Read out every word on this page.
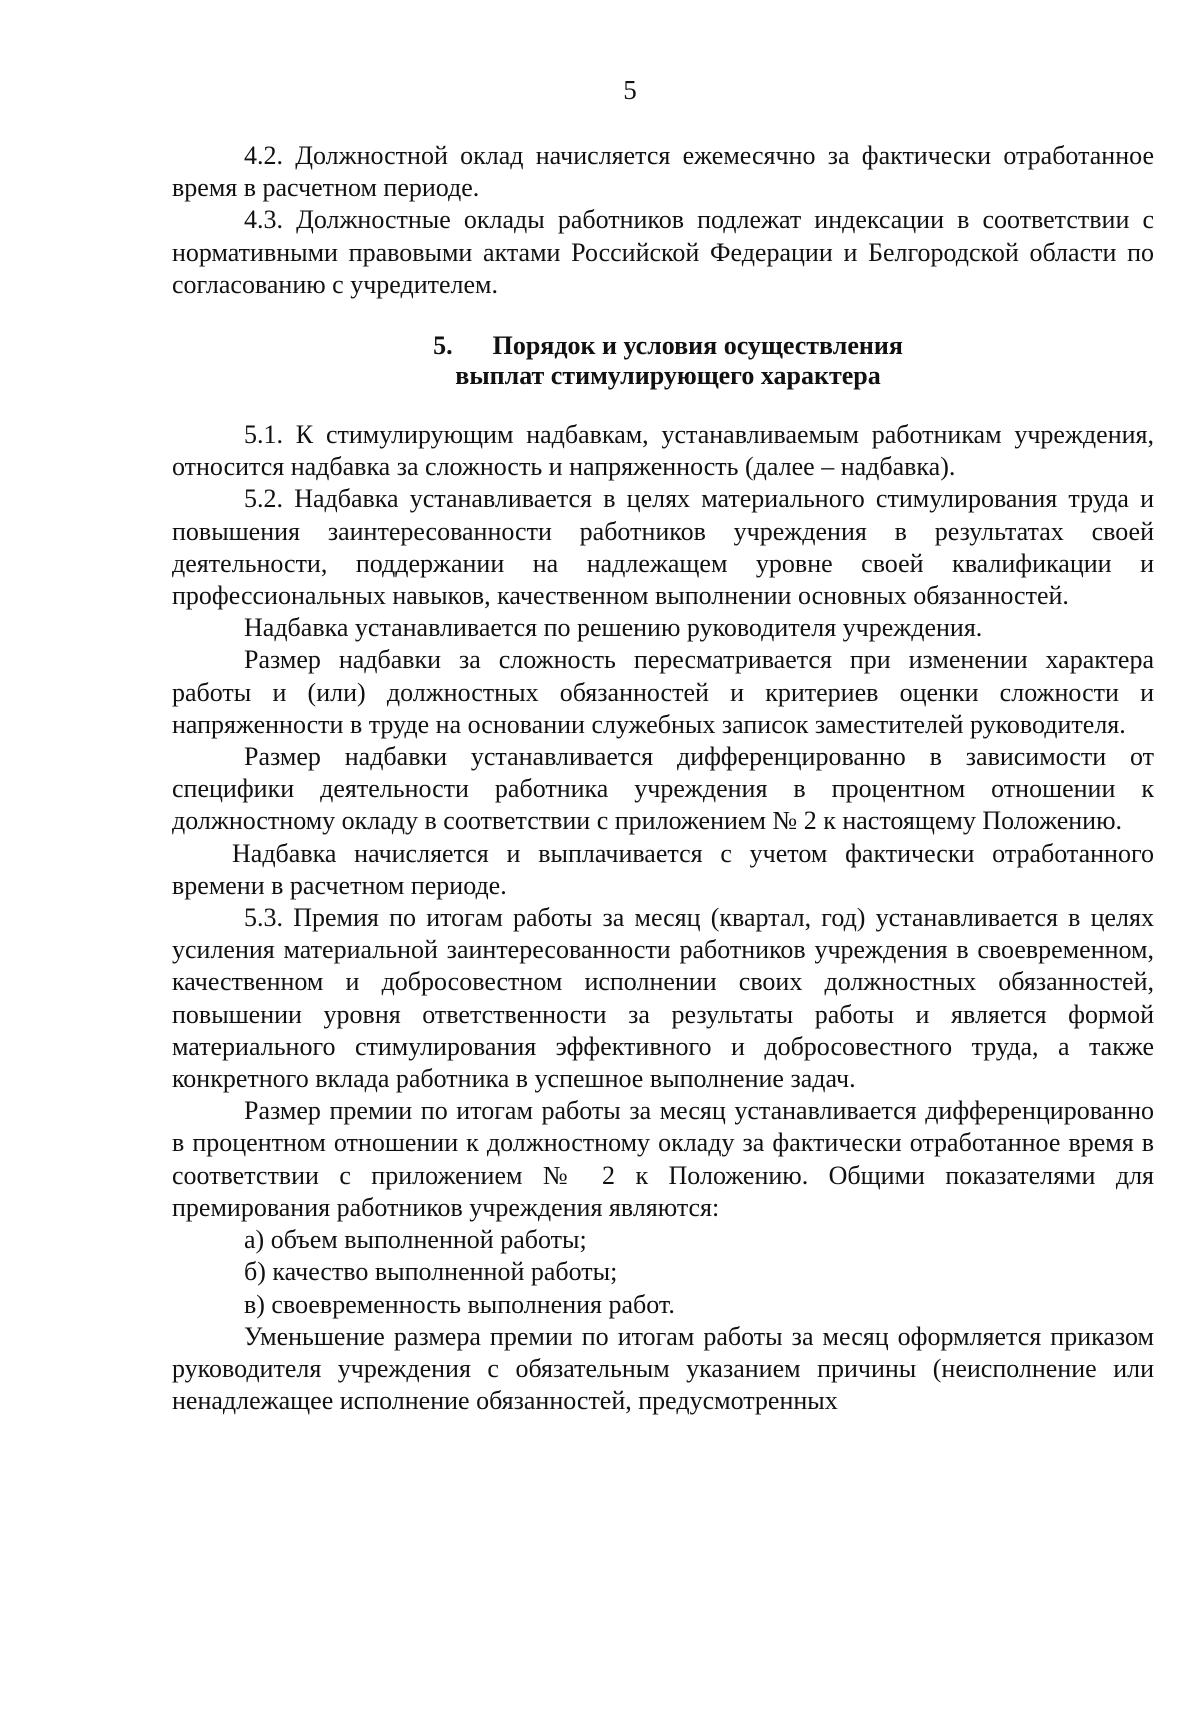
5

4.2. Должностной оклад начисляется ежемесячно за фактически отработанное время в расчетном периоде.

4.3. Должностные оклады работников подлежат индексации в соответствии с нормативными правовыми актами Российской Федерации и Белгородской области по согласованию с учредителем.

5. Порядок и условия осуществления
выплат стимулирующего характера

5.1. К стимулирующим надбавкам, устанавливаемым работникам учреждения, относится надбавка за сложность и напряженность (далее – надбавка).

5.2. Надбавка устанавливается в целях материального стимулирования труда и повышения заинтересованности работников учреждения в результатах своей деятельности, поддержании на надлежащем уровне своей квалификации и профессиональных навыков, качественном выполнении основных обязанностей.

Надбавка устанавливается по решению руководителя учреждения.

Размер надбавки за сложность пересматривается при изменении характера работы и (или) должностных обязанностей и критериев оценки сложности и напряженности в труде на основании служебных записок заместителей руководителя.

Размер надбавки устанавливается дифференцированно в зависимости от специфики деятельности работника учреждения в процентном отношении к должностному окладу в соответствии с приложением № 2 к настоящему Положению.

Надбавка начисляется и выплачивается с учетом фактически отработанного времени в расчетном периоде.

5.3. Премия по итогам работы за месяц (квартал, год) устанавливается в целях усиления материальной заинтересованности работников учреждения в своевременном, качественном и добросовестном исполнении своих должностных обязанностей, повышении уровня ответственности за результаты работы и является формой материального стимулирования эффективного и добросовестного труда, а также конкретного вклада работника в успешное выполнение задач.

Размер премии по итогам работы за месяц устанавливается дифференцированно в процентном отношении к должностному окладу за фактически отработанное время в соответствии с приложением № 2 к Положению. Общими показателями для премирования работников учреждения являются:

а) объем выполненной работы;

б) качество выполненной работы;

в) своевременность выполнения работ.

Уменьшение размера премии по итогам работы за месяц оформляется приказом руководителя учреждения с обязательным указанием причины (неисполнение или ненадлежащее исполнение обязанностей, предусмотренных
